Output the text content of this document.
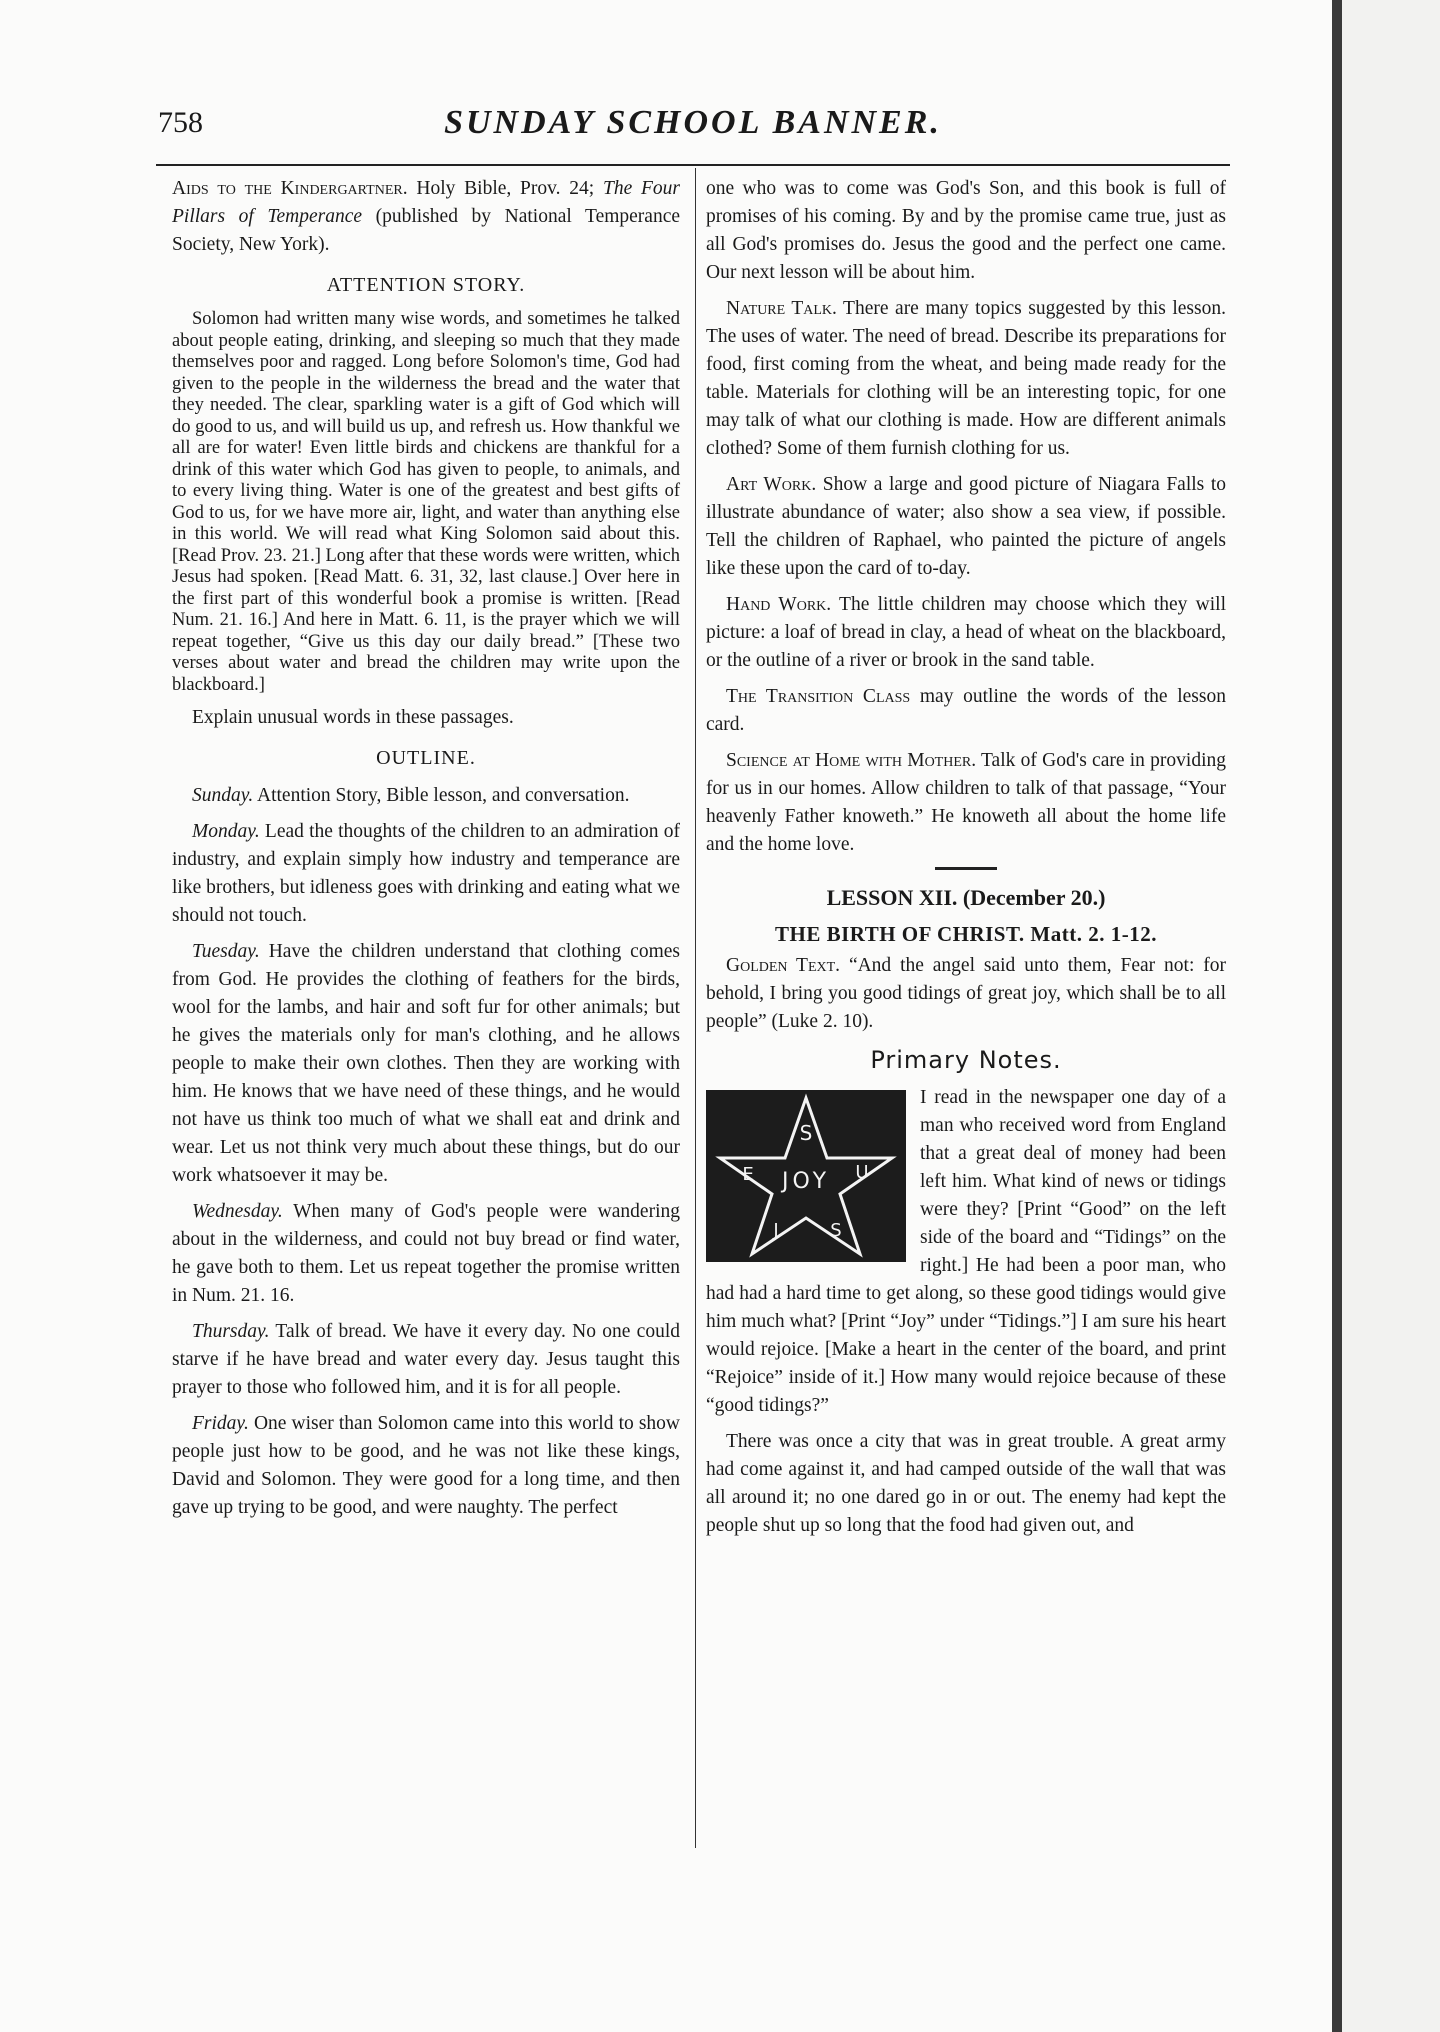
758	SUNDAY SCHOOL BANNER.

Aids to the Kindergartner. Holy Bible, Prov. 24; The Four Pillars of Temperance (published by National Temperance Society, New York).

ATTENTION STORY.

Solomon had written many wise words, and sometimes he talked about people eating, drinking, and sleeping so much that they made themselves poor and ragged. Long before Solomon's time, God had given to the people in the wilderness the bread and the water that they needed. The clear, sparkling water is a gift of God which will do good to us, and will build us up, and refresh us. How thankful we all are for water! Even little birds and chickens are thankful for a drink of this water which God has given to people, to animals, and to every living thing. Water is one of the greatest and best gifts of God to us, for we have more air, light, and water than anything else in this world. We will read what King Solomon said about this. [Read Prov. 23. 21.] Long after that these words were written, which Jesus had spoken. [Read Matt. 6. 31, 32, last clause.] Over here in the first part of this wonderful book a promise is written. [Read Num. 21. 16.] And here in Matt. 6. 11, is the prayer which we will repeat together, “Give us this day our daily bread.” [These two verses about water and bread the children may write upon the blackboard.]

Explain unusual words in these passages.

OUTLINE.

Sunday. Attention Story, Bible lesson, and conversation.

Monday. Lead the thoughts of the children to an admiration of industry, and explain simply how industry and temperance are like brothers, but idleness goes with drinking and eating what we should not touch.

Tuesday. Have the children understand that clothing comes from God. He provides the clothing of feathers for the birds, wool for the lambs, and hair and soft fur for other animals; but he gives the materials only for man's clothing, and he allows people to make their own clothes. Then they are working with him. He knows that we have need of these things, and he would not have us think too much of what we shall eat and drink and wear. Let us not think very much about these things, but do our work whatsoever it may be.

Wednesday. When many of God's people were wandering about in the wilderness, and could not buy bread or find water, he gave both to them. Let us repeat together the promise written in Num. 21. 16.

Thursday. Talk of bread. We have it every day. No one could starve if he have bread and water every day. Jesus taught this prayer to those who followed him, and it is for all people.

Friday. One wiser than Solomon came into this world to show people just how to be good, and he was not like these kings, David and Solomon. They were good for a long time, and then gave up trying to be good, and were naughty. The perfect

one who was to come was God's Son, and this book is full of promises of his coming. By and by the promise came true, just as all God's promises do. Jesus the good and the perfect one came. Our next lesson will be about him.

Nature Talk. There are many topics suggested by this lesson. The uses of water. The need of bread. Describe its preparations for food, first coming from the wheat, and being made ready for the table. Materials for clothing will be an interesting topic, for one may talk of what our clothing is made. How are different animals clothed? Some of them furnish clothing for us.

Art Work. Show a large and good picture of Niagara Falls to illustrate abundance of water; also show a sea view, if possible. Tell the children of Raphael, who painted the picture of angels like these upon the card of to-day.

Hand Work. The little children may choose which they will picture: a loaf of bread in clay, a head of wheat on the blackboard, or the outline of a river or brook in the sand table.

The Transition Class may outline the words of the lesson card.

Science at Home with Mother. Talk of God's care in providing for us in our homes. Allow children to talk of that passage, “Your heavenly Father knoweth.” He knoweth all about the home life and the home love.

LESSON XII. (December 20.)
THE BIRTH OF CHRIST. Matt. 2. 1-12.

Golden Text. “And the angel said unto them, Fear not: for behold, I bring you good tidings of great joy, which shall be to all people” (Luke 2. 10).

Primary Notes.
S
E	U
JOY
J	S

I read in the newspaper one day of a man who received word from England that a great deal of money had been left him. What kind of news or tidings were they? [Print “Good” on the left side of the board and “Tidings” on the right.] He had been a poor man, who had had a hard time to get along, so these good tidings would give him much what? [Print “Joy” under “Tidings.”] I am sure his heart would rejoice. [Make a heart in the center of the board, and print “Rejoice” inside of it.] How many would rejoice because of these “good tidings?”

There was once a city that was in great trouble. A great army had come against it, and had camped outside of the wall that was all around it; no one dared go in or out. The enemy had kept the people shut up so long that the food had given out, and
